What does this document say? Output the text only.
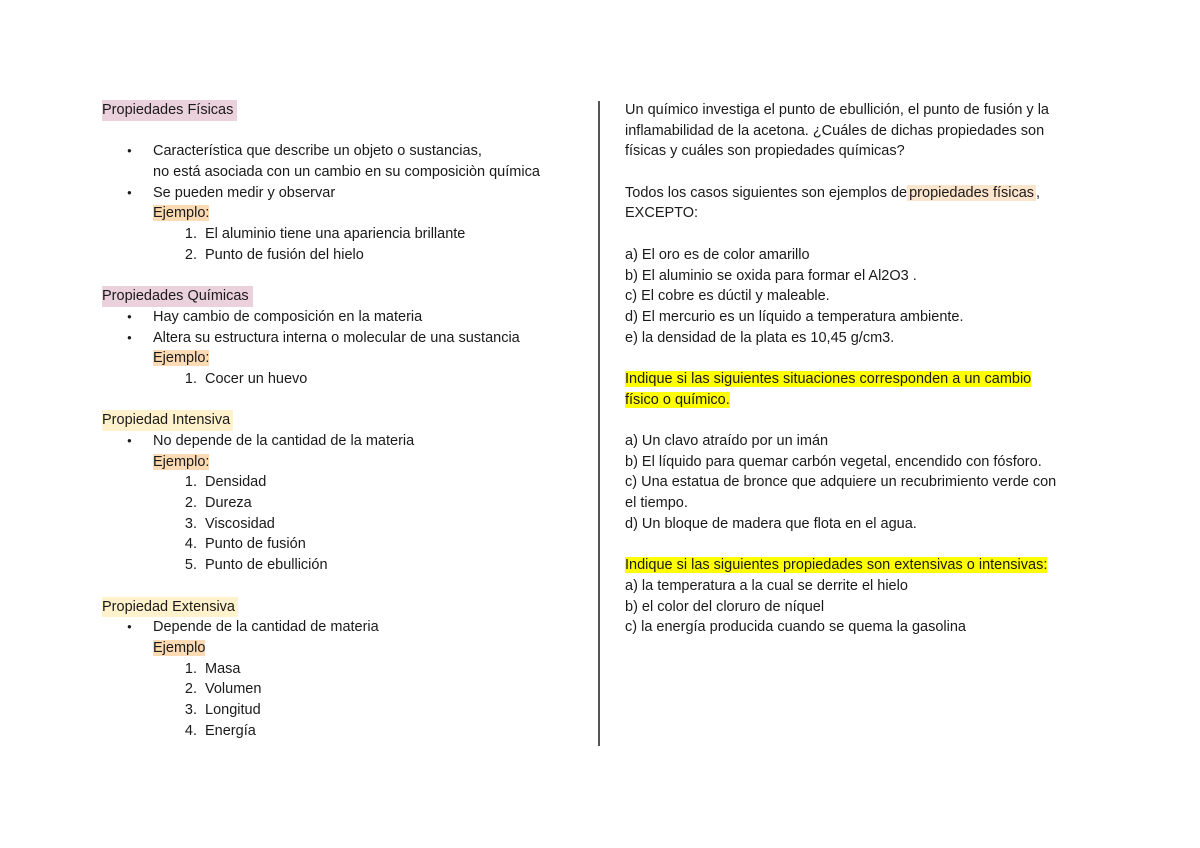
Propiedades Físicas
● Característica que describe un objeto o sustancias,
no está asociada con un cambio en su composiciòn química
● Se pueden medir y observar
Ejemplo:
1. El aluminio tiene una apariencia brillante
2. Punto de fusión del hielo
Propiedades Químicas
● Hay cambio de composición en la materia
● Altera su estructura interna o molecular de una sustancia
Ejemplo:
1. Cocer un huevo
Propiedad Intensiva
● No depende de la cantidad de la materia
Ejemplo:
1. Densidad
2. Dureza
3. Viscosidad
4. Punto de fusión
5. Punto de ebullición
Propiedad Extensiva
● Depende de la cantidad de materia
Ejemplo
1. Masa
2. Volumen
3. Longitud
4. Energía
Un químico investiga el punto de ebullición, el punto de fusión y la
inflamabilidad de la acetona. ¿Cuáles de dichas propiedades son
físicas y cuáles son propiedades químicas?
Todos los casos siguientes son ejemplos de propiedades físicas ,
EXCEPTO:
a) El oro es de color amarillo
b) El aluminio se oxida para formar el Al2O3 .
c) El cobre es dúctil y maleable.
d) El mercurio es un líquido a temperatura ambiente.
e) la densidad de la plata es 10,45 g/cm3.
Indique si las siguientes situaciones corresponden a un cambio
físico o químico.
a) Un clavo atraído por un imán
b) El líquido para quemar carbón vegetal, encendido con fósforo.
c) Una estatua de bronce que adquiere un recubrimiento verde con
el tiempo.
d) Un bloque de madera que flota en el agua.
Indique si las siguientes propiedades son extensivas o intensivas:
a) la temperatura a la cual se derrite el hielo
b) el color del cloruro de níquel
c) la energía producida cuando se quema la gasolina
